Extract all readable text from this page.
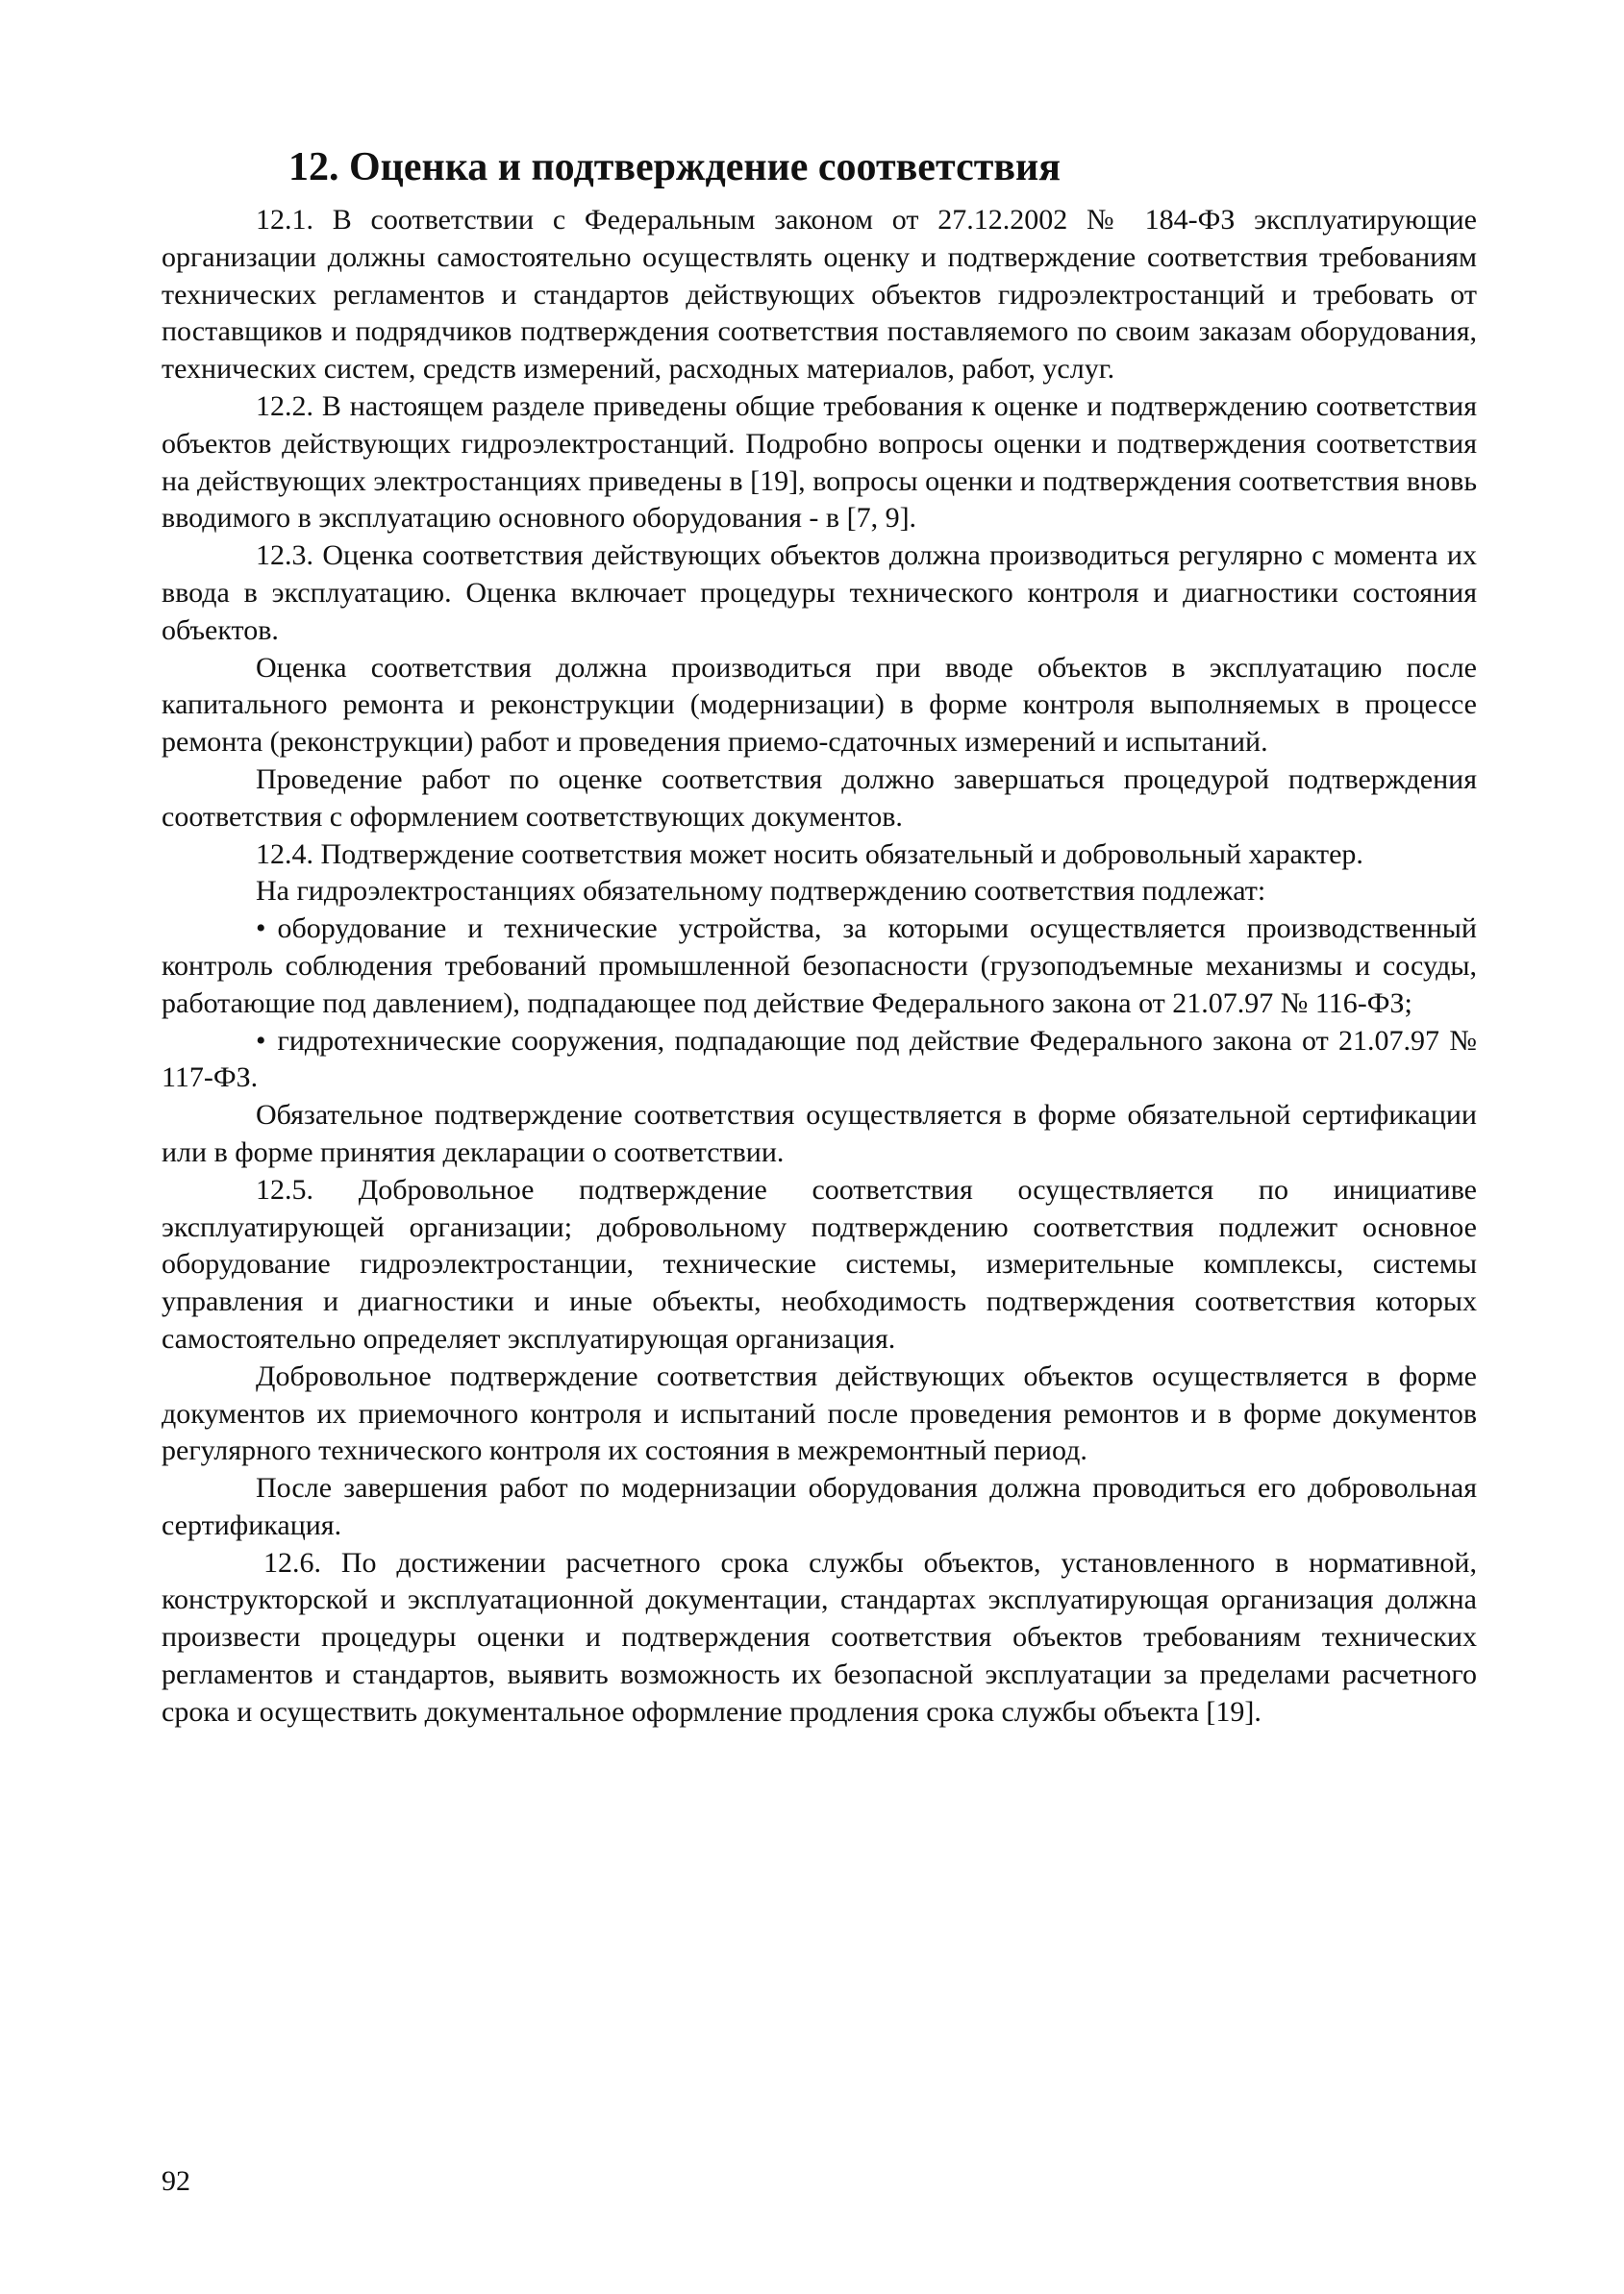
12. Оценка и подтверждение соответствия

12.1. В соответствии с Федеральным законом от 27.12.2002 № 184-ФЗ эксплуатирующие организации должны самостоятельно осуществлять оценку и подтверждение соответствия требованиям технических регламентов и стандартов действующих объектов гидроэлектростанций и требовать от поставщиков и подрядчиков подтверждения соответствия поставляемого по своим заказам оборудования, технических систем, средств измерений, расходных материалов, работ, услуг.

12.2. В настоящем разделе приведены общие требования к оценке и подтверждению соответствия объектов действующих гидроэлектростанций. Подробно вопросы оценки и подтверждения соответствия на действующих электростанциях приведены в [19], вопросы оценки и подтверждения соответствия вновь вводимого в эксплуатацию основного оборудования - в [7, 9].

12.3. Оценка соответствия действующих объектов должна производиться регулярно с момента их ввода в эксплуатацию. Оценка включает процедуры технического контроля и диагностики состояния объектов.

Оценка соответствия должна производиться при вводе объектов в эксплуатацию после капитального ремонта и реконструкции (модернизации) в форме контроля выполняемых в процессе ремонта (реконструкции) работ и проведения приемо-сдаточных измерений и испытаний.

Проведение работ по оценке соответствия должно завершаться процедурой подтверждения соответствия с оформлением соответствующих документов.

12.4. Подтверждение соответствия может носить обязательный и добровольный характер.

На гидроэлектростанциях обязательному подтверждению соответствия подлежат:

• оборудование и технические устройства, за которыми осуществляется производственный контроль соблюдения требований промышленной безопасности (грузоподъемные механизмы и сосуды, работающие под давлением), подпадающее под действие Федерального закона от 21.07.97 № 116-ФЗ;

• гидротехнические сооружения, подпадающие под действие Федерального закона от 21.07.97 № 117-ФЗ.

Обязательное подтверждение соответствия осуществляется в форме обязательной сертификации или в форме принятия декларации о соответствии.

12.5. Добровольное подтверждение соответствия осуществляется по инициативе эксплуатирующей организации; добровольному подтверждению соответствия подлежит основное оборудование гидроэлектростанции, технические системы, измерительные комплексы, системы управления и диагностики и иные объекты, необходимость подтверждения соответствия которых самостоятельно определяет эксплуатирующая организация.

Добровольное подтверждение соответствия действующих объектов осуществляется в форме документов их приемочного контроля и испытаний после проведения ремонтов и в форме документов регулярного технического контроля их состояния в межремонтный период.

После завершения работ по модернизации оборудования должна проводиться его добровольная сертификация.

12.6. По достижении расчетного срока службы объектов, установленного в нормативной, конструкторской и эксплуатационной документации, стандартах эксплуатирующая организация должна произвести процедуры оценки и подтверждения соответствия объектов требованиям технических регламентов и стандартов, выявить возможность их безопасной эксплуатации за пределами расчетного срока и осуществить документальное оформление продления срока службы объекта [19].

92
